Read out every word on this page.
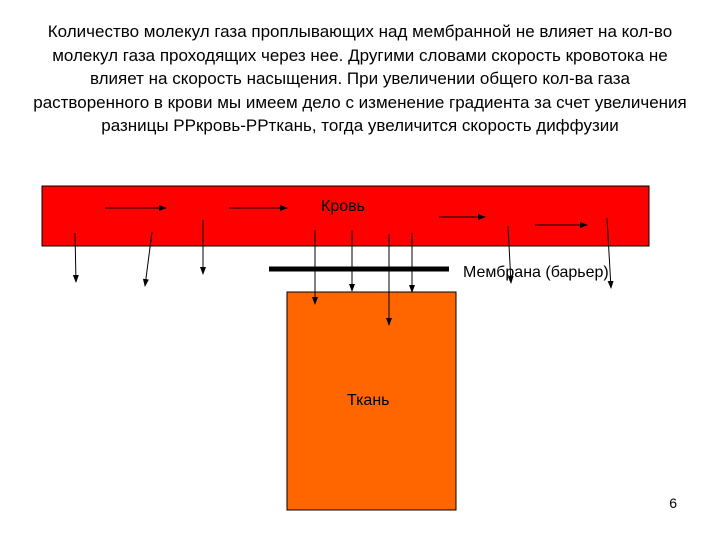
Количество молекул газа проплывающих над мембранной не влияет на кол-во молекул газа проходящих через нее. Другими словами скорость кровотока не влияет на скорость насыщения. При увеличении общего кол-ва газа растворенного в крови мы имеем дело с изменение градиента за счет увеличения разницы РРкровь-РРткань, тогда увеличится скорость диффузии
Кровь
Мембрана (барьер)
Ткань
6
